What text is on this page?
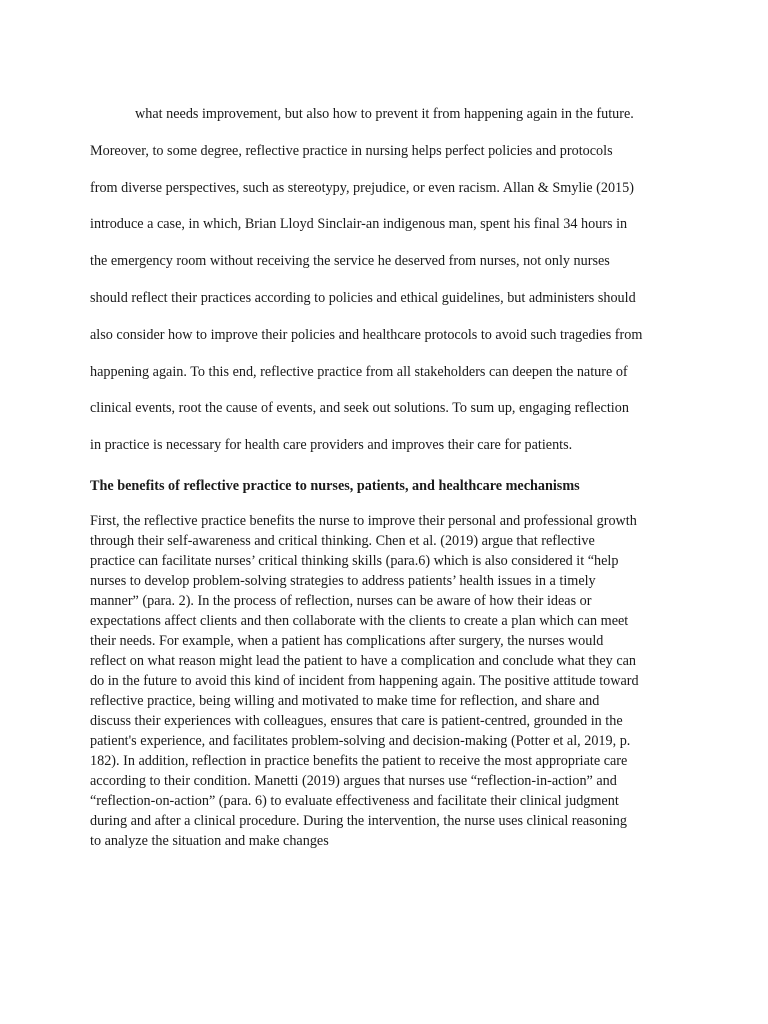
what needs improvement, but also how to prevent it from happening again in the future.
Moreover, to some degree, reflective practice in nursing helps perfect policies and protocols
from diverse perspectives, such as stereotypy, prejudice, or even racism. Allan & Smylie (2015)
introduce a case, in which, Brian Lloyd Sinclair-an indigenous man, spent his final 34 hours in
the emergency room without receiving the service he deserved from nurses, not only nurses
should reflect their practices according to policies and ethical guidelines, but administers should
also consider how to improve their policies and healthcare protocols to avoid such tragedies from
happening again. To this end, reflective practice from all stakeholders can deepen the nature of
clinical events, root the cause of events, and seek out solutions. To sum up, engaging reflection
in practice is necessary for health care providers and improves their care for patients.
The benefits of reflective practice to nurses, patients, and healthcare mechanisms
First, the reflective practice benefits the nurse to improve their personal and professional growth
through their self-awareness and critical thinking. Chen et al. (2019) argue that reflective
practice can facilitate nurses’ critical thinking skills (para.6) which is also considered it “help
nurses to develop problem-solving strategies to address patients’ health issues in a timely
manner” (para. 2). In the process of reflection, nurses can be aware of how their ideas or
expectations affect clients and then collaborate with the clients to create a plan which can meet
their needs. For example, when a patient has complications after surgery, the nurses would
reflect on what reason might lead the patient to have a complication and conclude what they can
do in the future to avoid this kind of incident from happening again. The positive attitude toward
reflective practice, being willing and motivated to make time for reflection, and share and
discuss their experiences with colleagues, ensures that care is patient-centred, grounded in the
patient's experience, and facilitates problem-solving and decision-making (Potter et al, 2019, p.
182). In addition, reflection in practice benefits the patient to receive the most appropriate care
according to their condition. Manetti (2019) argues that nurses use “reflection-in-action” and
“reflection-on-action” (para. 6) to evaluate effectiveness and facilitate their clinical judgment
during and after a clinical procedure. During the intervention, the nurse uses clinical reasoning
to analyze the situation and make changes
